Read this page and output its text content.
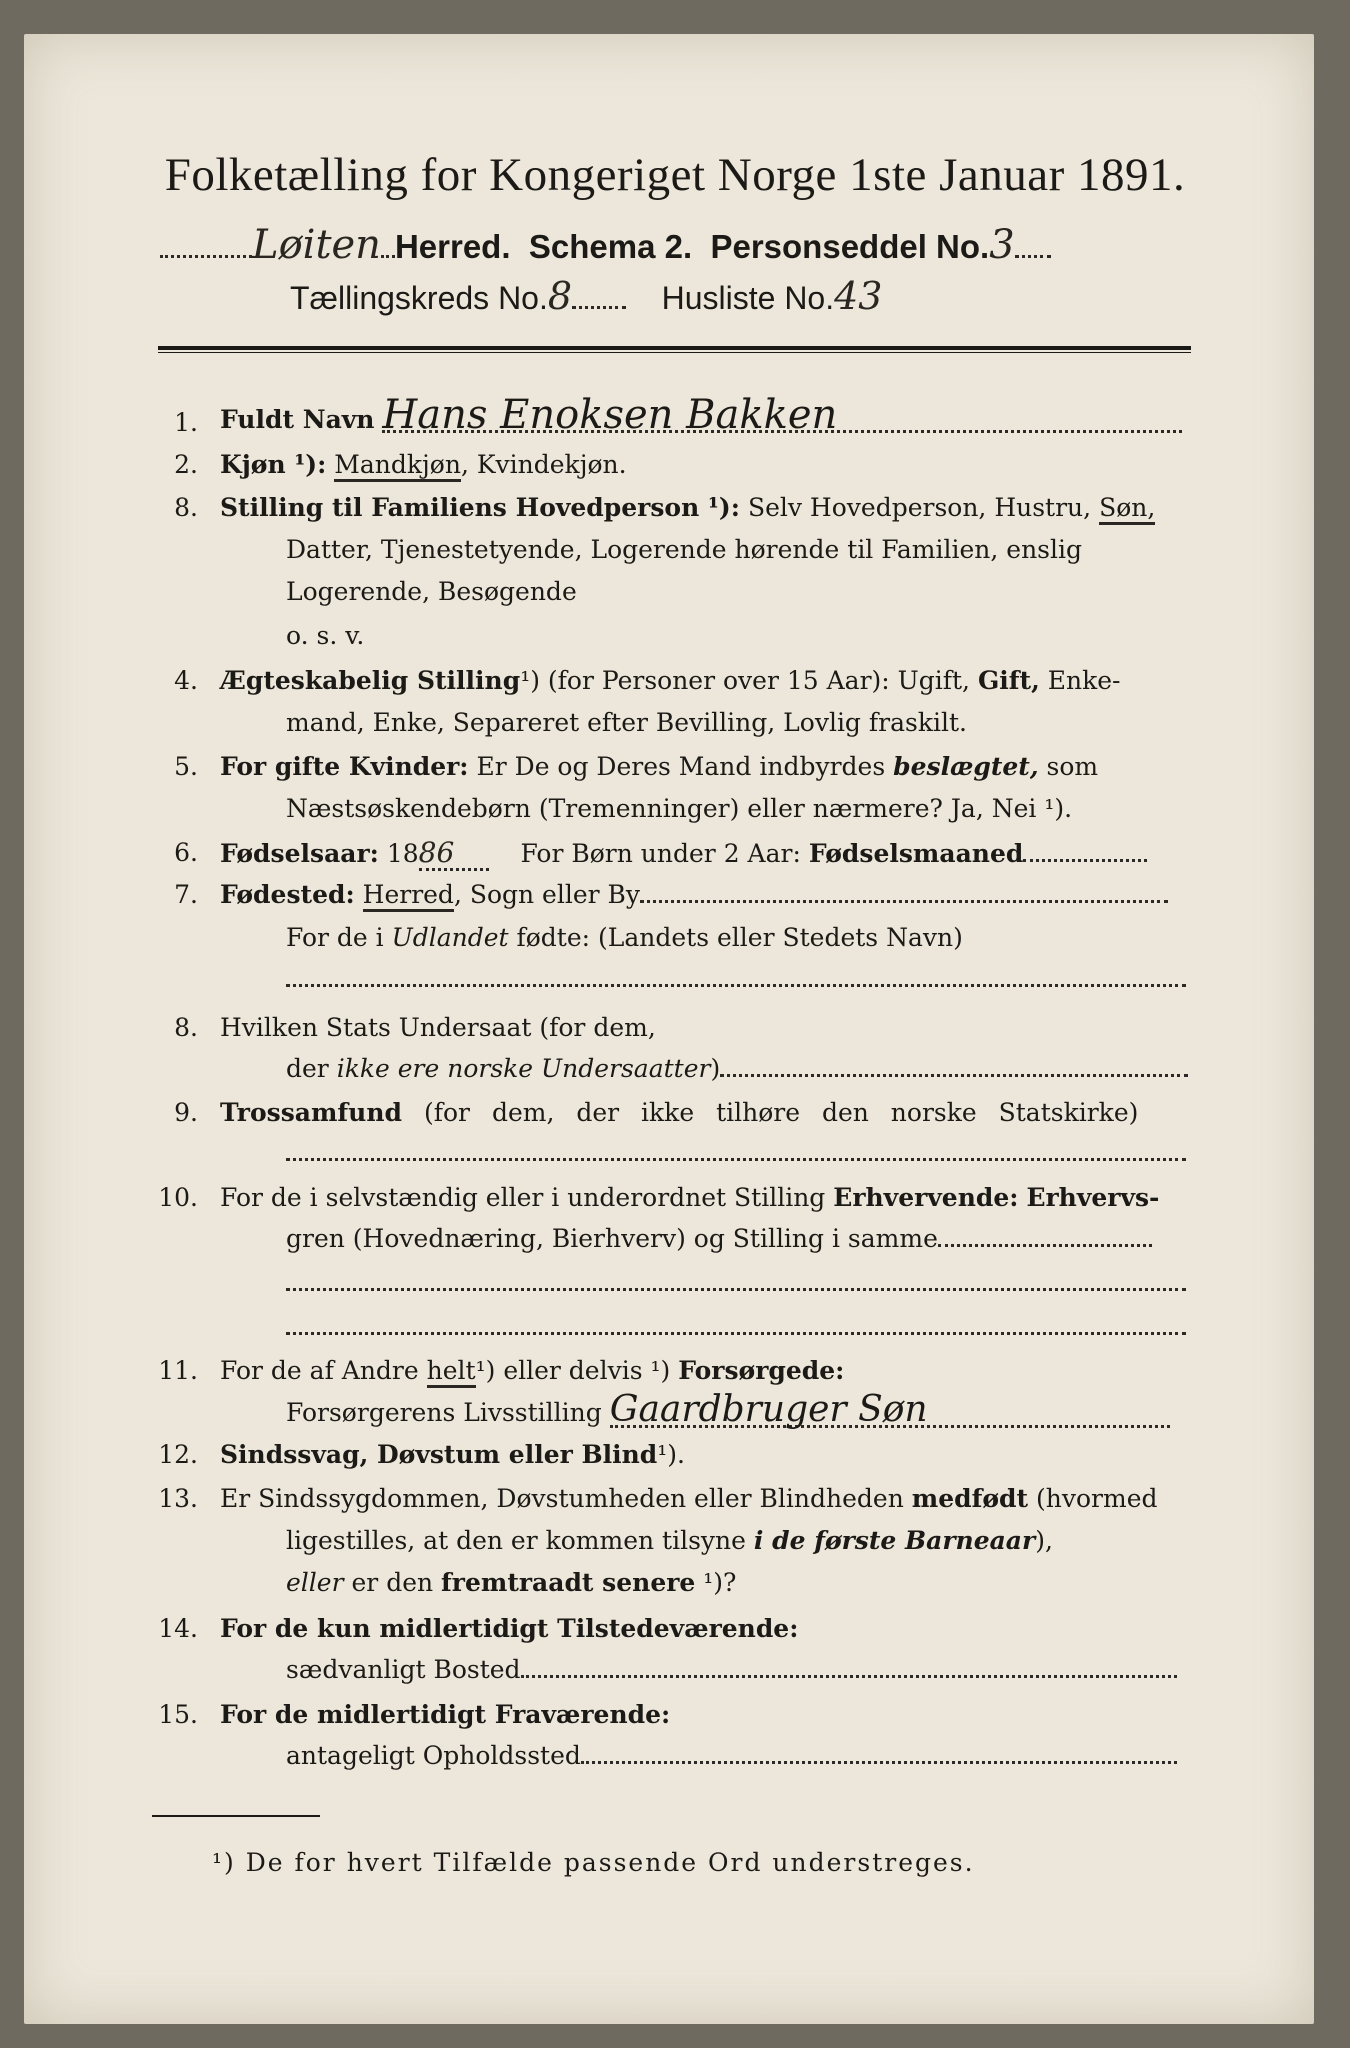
Folketælling for Kongeriget Norge 1ste Januar 1891.
Løiten Herred. Schema 2. Personseddel No.3
Tællingskreds No.8	Husliste No.43
1. Fuldt Navn Hans Enoksen Bakken
2. Kjøn ¹): Mandkjøn, Kvindekjøn.
8. Stilling til Familiens Hovedperson ¹): Selv Hovedperson, Hustru, Søn,
Datter, Tjenestetyende, Logerende hørende til Familien, enslig
Logerende, Besøgende
o. s. v.
4. Ægteskabelig Stilling¹) (for Personer over 15 Aar): Ugift, Gift, Enke-
mand, Enke, Separeret efter Bevilling, Lovlig fraskilt.
5. For gifte Kvinder: Er De og Deres Mand indbyrdes beslægtet, som
Næstsøskendebørn (Tremenninger) eller nærmere? Ja, Nei ¹).
6. Fødselsaar: 1886	For Børn under 2 Aar: Fødselsmaaned
7. Fødested: Herred, Sogn eller By
For de i Udlandet fødte: (Landets eller Stedets Navn)
8. Hvilken Stats Undersaat (for dem,
der ikke ere norske Undersaatter)
9. Trossamfund (for dem, der ikke tilhøre den norske Statskirke)
10. For de i selvstændig eller i underordnet Stilling Erhvervende: Erhvervs-
gren (Hovednæring, Bierhverv) og Stilling i samme
11. For de af Andre helt¹) eller delvis ¹) Forsørgede:
Forsørgerens Livsstilling Gaardbruger Søn
12. Sindssvag, Døvstum eller Blind¹).
13. Er Sindssygdommen, Døvstumheden eller Blindheden medfødt (hvormed
ligestilles, at den er kommen tilsyne i de første Barneaar),
eller er den fremtraadt senere ¹)?
14. For de kun midlertidigt Tilstedeværende:
sædvanligt Bosted
15. For de midlertidigt Fraværende:
antageligt Opholdssted
¹) De for hvert Tilfælde passende Ord understreges.
